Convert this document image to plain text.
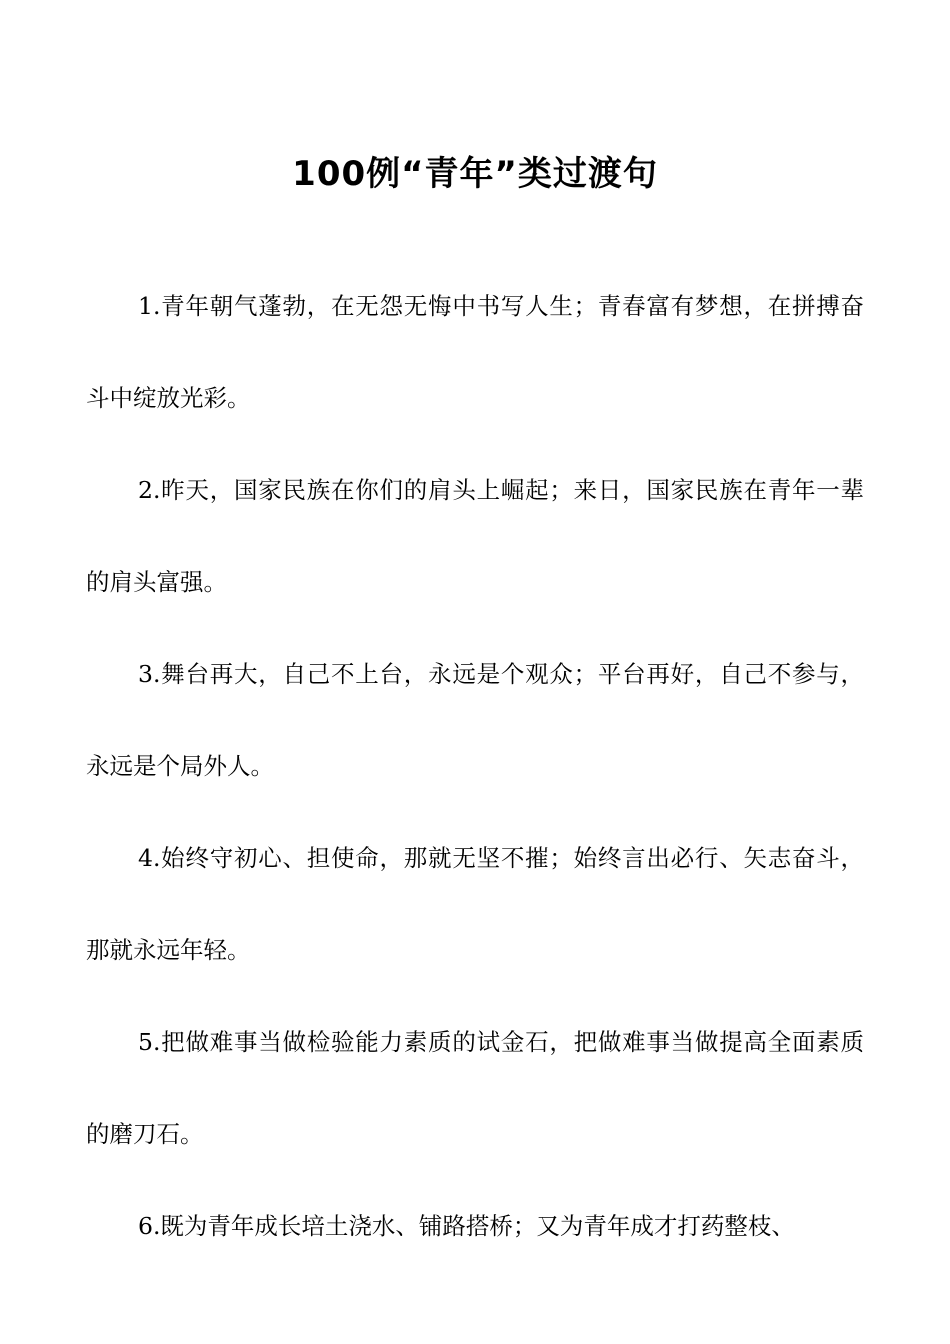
100例“青年”类过渡句

1.青年朝气蓬勃，在无怨无悔中书写人生；青春富有梦想，在拼搏奋斗中绽放光彩。

2.昨天，国家民族在你们的肩头上崛起；来日，国家民族在青年一辈的肩头富强。

3.舞台再大，自己不上台，永远是个观众；平台再好，自己不参与，永远是个局外人。

4.始终守初心、担使命，那就无坚不摧；始终言出必行、矢志奋斗，那就永远年轻。

5.把做难事当做检验能力素质的试金石，把做难事当做提高全面素质的磨刀石。

6.既为青年成长培土浇水、铺路搭桥；又为青年成才打药整枝、
